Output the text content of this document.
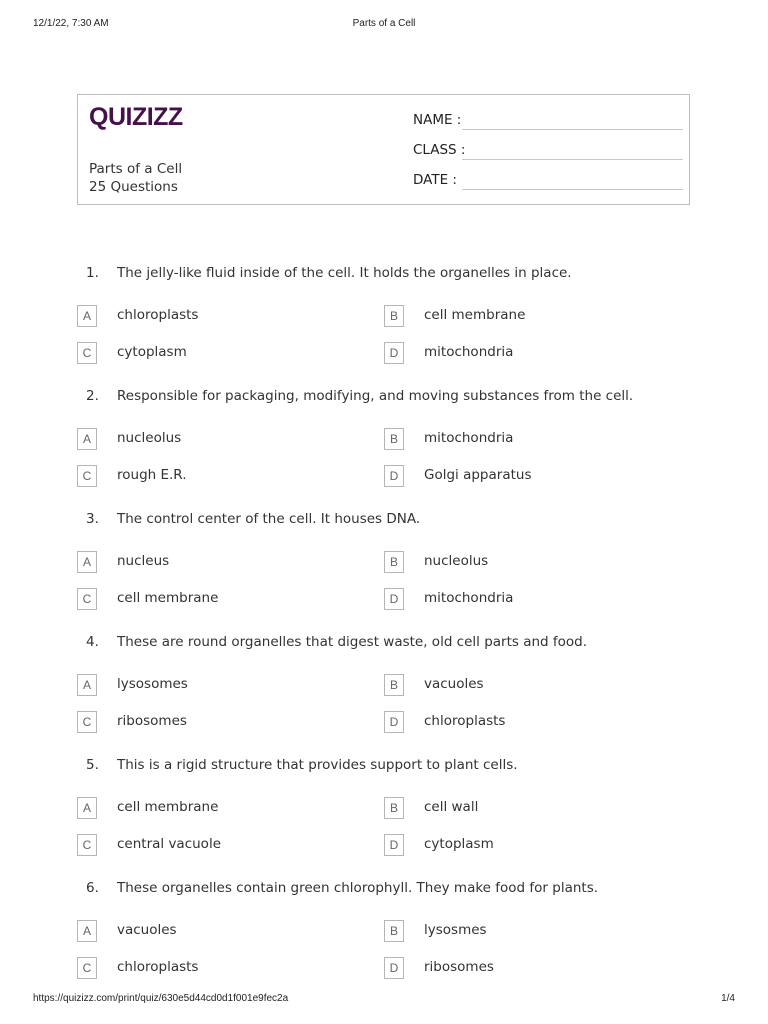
12/1/22, 7:30 AM	Parts of a Cell
QUIZIZZ
Parts of a Cell
25 Questions
NAME :
CLASS :
DATE :
1. The jelly-like fluid inside of the cell. It holds the organelles in place.
A	chloroplasts	B	cell membrane
C	cytoplasm	D	mitochondria
2. Responsible for packaging, modifying, and moving substances from the cell.
A	nucleolus	B	mitochondria
C	rough E.R.	D	Golgi apparatus
3. The control center of the cell. It houses DNA.
A	nucleus	B	nucleolus
C	cell membrane	D	mitochondria
4. These are round organelles that digest waste, old cell parts and food.
A	lysosomes	B	vacuoles
C	ribosomes	D	chloroplasts
5. This is a rigid structure that provides support to plant cells.
A	cell membrane	B	cell wall
C	central vacuole	D	cytoplasm
6. These organelles contain green chlorophyll. They make food for plants.
A	vacuoles	B	lysosmes
C	chloroplasts	D	ribosomes
https://quizizz.com/print/quiz/630e5d44cd0d1f001e9fec2a	1/4
